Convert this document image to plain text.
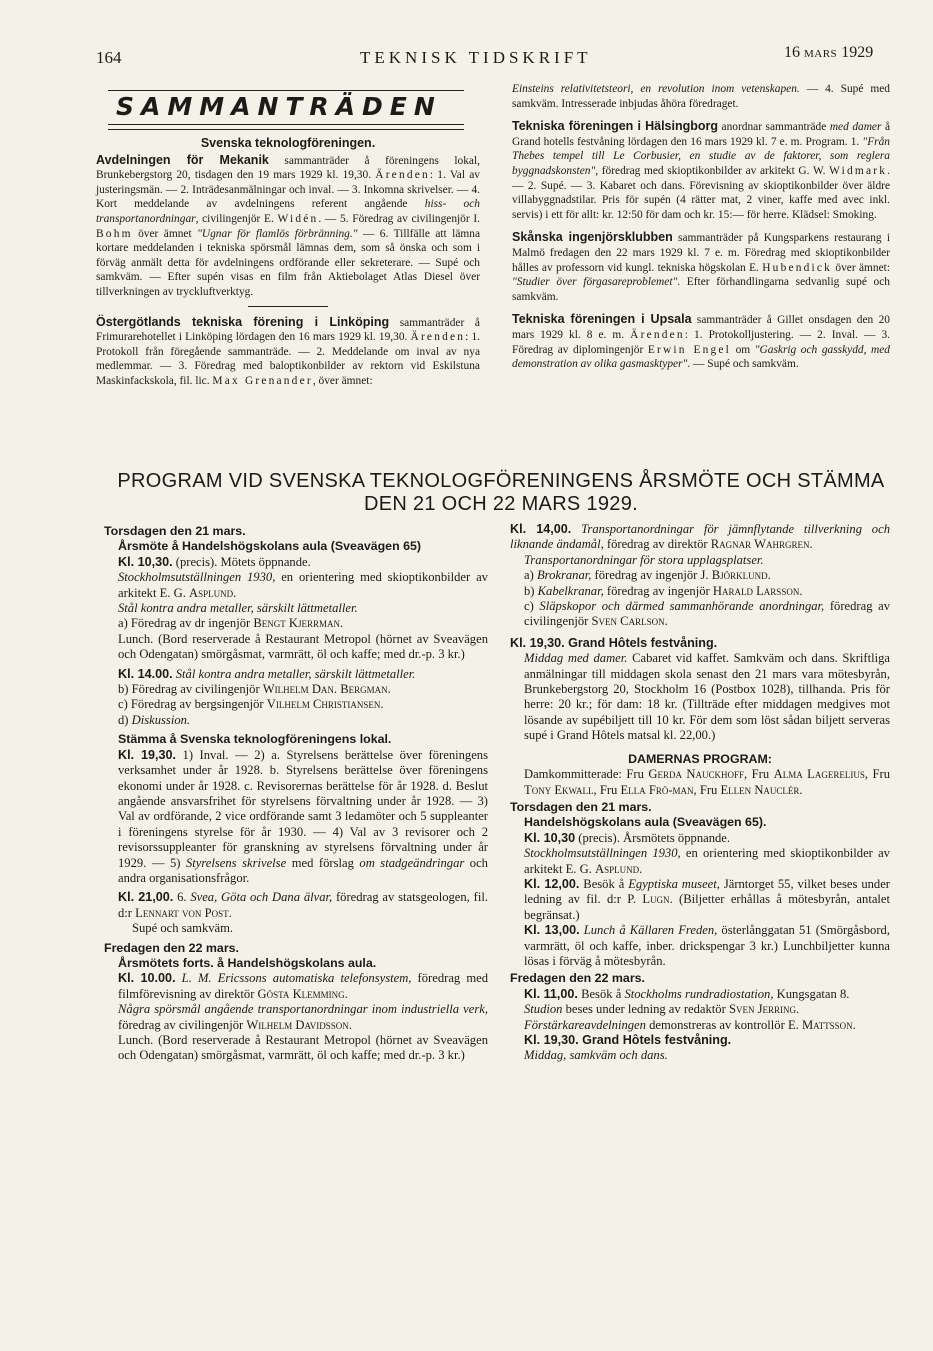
164	TEKNISK TIDSKRIFT	16 MARS 1929
SAMMANTRÄDEN
Svenska teknologföreningen.

Avdelningen för Mekanik sammanträder å föreningens lokal, Brunkebergstorg 20, tisdagen den 19 mars 1929 kl. 19,30. Ärenden: 1. Val av justeringsmän. — 2. Inträdesanmälningar och inval. — 3. Inkomna skrivelser. — 4. Kort meddelande av avdelningens referent angående hiss- och transportanordningar, civilingenjör E. Widén. — 5. Föredrag av civilingenjör I. Bohm över ämnet "Ugnar för flamlös förbränning." — 6. Tillfälle att lämna kortare meddelanden i tekniska spörsmål lämnas dem, som så önska och som i förväg anmält detta för avdelningens ordförande eller sekreterare. — Supé och samkväm. — Efter supén visas en film från Aktiebolaget Atlas Diesel över tillverkningen av tryckluftverktyg.

Östergötlands tekniska förening i Linköping sammanträder å Frimurarehotellet i Linköping lördagen den 16 mars 1929 kl. 19,30. Ärenden: 1. Protokoll från föregående sammanträde. — 2. Meddelande om inval av nya medlemmar. — 3. Föredrag med baloptikonbilder av rektorn vid Eskilstuna Maskinfackskola, fil. lic. Max Grenander, över ämnet:

Einsteins relativitetsteori, en revolution inom vetenskapen. — 4. Supé med samkväm. Intresserade inbjudas åhöra föredraget.

Tekniska föreningen i Hälsingborg anordnar sammanträde med damer å Grand hotells festvåning lördagen den 16 mars 1929 kl. 7 e. m. Program. 1. "Från Thebes tempel till Le Corbusier, en studie av de faktorer, som reglera byggnadskonsten", föredrag med skioptikonbilder av arkitekt G. W. Widmark. — 2. Supé. — 3. Kabaret och dans. Förevisning av skioptikonbilder över äldre villabyggnadstilar. Pris för supén (4 rätter mat, 2 viner, kaffe med avec inkl. servis) i ett för allt: kr. 12:50 för dam och kr. 15:— för herre. Klädsel: Smoking.

Skånska ingenjörsklubben sammanträder på Kungsparkens restaurang i Malmö fredagen den 22 mars 1929 kl. 7 e. m. Föredrag med skioptikonbilder hålles av professorn vid kungl. tekniska högskolan E. Hubendick över ämnet: "Studier över förgasareproblemet". Efter förhandlingarna sedvanlig supé och samkväm.

Tekniska föreningen i Upsala sammanträder å Gillet onsdagen den 20 mars 1929 kl. 8 e. m. Ärenden: 1. Protokolljustering. — 2. Inval. — 3. Föredrag av diplomingenjör Erwin Engel om "Gaskrig och gasskydd, med demonstration av olika gasmasktyper". — Supé och samkväm.

PROGRAM VID SVENSKA TEKNOLOGFÖRENINGENS ÅRSMÖTE OCH STÄMMA
DEN 21 OCH 22 MARS 1929.
Torsdagen den 21 mars.
Årsmöte å Handelshögskolans aula (Sveavägen 65)

Kl. 10,30. (precis). Mötets öppnande.

Stockholmsutställningen 1930, en orientering med skioptikonbilder av arkitekt E. G. Asplund.

Stål kontra andra metaller, särskilt lättmetaller.

a) Föredrag av dr ingenjör Bengt Kjerrman.

Lunch. (Bord reserverade å Restaurant Metropol (hörnet av Sveavägen och Odengatan) smörgåsmat, varmrätt, öl och kaffe; med dr.-p. 3 kr.)

Kl. 14.00. Stål kontra andra metaller, särskilt lättmetaller.

b) Föredrag av civilingenjör Wilhelm Dan. Bergman.

c) Föredrag av bergsingenjör Vilhelm Christiansen.

d) Diskussion.

Stämma å Svenska teknologföreningens lokal.

Kl. 19,30. 1) Inval. — 2) a. Styrelsens berättelse över föreningens verksamhet under år 1928. b. Styrelsens berättelse över föreningens ekonomi under år 1928. c. Revisorernas berättelse för år 1928. d. Beslut angående ansvarsfrihet för styrelsens förvaltning under år 1928. — 3) Val av ordförande, 2 vice ordförande samt 3 ledamöter och 5 suppleanter i föreningens styrelse för år 1930. — 4) Val av 3 revisorer och 2 revisorssuppleanter för granskning av styrelsens förvaltning under år 1929. — 5) Styrelsens skrivelse med förslag om stadgeändringar och andra organisationsfrågor.

Kl. 21,00. 6. Svea, Göta och Dana älvar, föredrag av statsgeologen, fil. d:r Lennart von Post.

Supé och samkväm.

Fredagen den 22 mars.
Årsmötets forts. å Handelshögskolans aula.

Kl. 10.00. L. M. Ericssons automatiska telefonsystem, föredrag med filmförevisning av direktör Gösta Klemming.

Några spörsmål angående transportanordningar inom industriella verk, föredrag av civilingenjör Wilhelm Davidsson.

Lunch. (Bord reserverade å Restaurant Metropol (hörnet av Sveavägen och Odengatan) smörgåsmat, varmrätt, öl och kaffe; med dr.-p. 3 kr.)

Kl. 14,00. Transportanordningar för jämnflytande tillverkning och liknande ändamål, föredrag av direktör Ragnar Wahrgren.

Transportanordningar för stora upplagsplatser.

a) Brokranar, föredrag av ingenjör J. Björklund.

b) Kabelkranar, föredrag av ingenjör Harald Larsson.

c) Släpskopor och därmed sammanhörande anordningar, föredrag av civilingenjör Sven Carlson.

Kl. 19,30. Grand Hôtels festvåning.

Middag med damer. Cabaret vid kaffet. Samkväm och dans. Skriftliga anmälningar till middagen skola senast den 21 mars vara mötesbyrån, Brunkebergstorg 20, Stockholm 16 (Postbox 1028), tillhanda. Pris för herre: 20 kr.; för dam: 18 kr. (Tillträde efter middagen medgives mot lösande av supébiljett till 10 kr. För dem som löst sådan biljett serveras supé i Grand Hôtels matsal kl. 22,00.)

DAMERNAS PROGRAM:

Damkommitterade: Fru Gerda Nauckhoff, Fru Alma Lagerelius, Fru Tony Ekwall, Fru Ella Frö-man, Fru Ellen Nauclér.

Torsdagen den 21 mars.
Handelshögskolans aula (Sveavägen 65).

Kl. 10,30 (precis). Årsmötets öppnande.

Stockholmsutställningen 1930, en orientering med skioptikonbilder av arkitekt E. G. Asplund.

Kl. 12,00. Besök å Egyptiska museet, Järntorget 55, vilket beses under ledning av fil. d:r P. Lugn. (Biljetter erhållas å mötesbyrån, antalet begränsat.)

Kl. 13,00. Lunch å Källaren Freden, österlånggatan 51 (Smörgåsbord, varmrätt, öl och kaffe, inber. drickspengar 3 kr.) Lunchbiljetter kunna lösas i förväg å mötesbyrån.

Fredagen den 22 mars.

Kl. 11,00. Besök å Stockholms rundradiostation, Kungsgatan 8.

Studion beses under ledning av redaktör Sven Jerring.

Förstärkareavdelningen demonstreras av kontrollör E. Mattsson.

Kl. 19,30. Grand Hôtels festvåning.

Middag, samkväm och dans.
